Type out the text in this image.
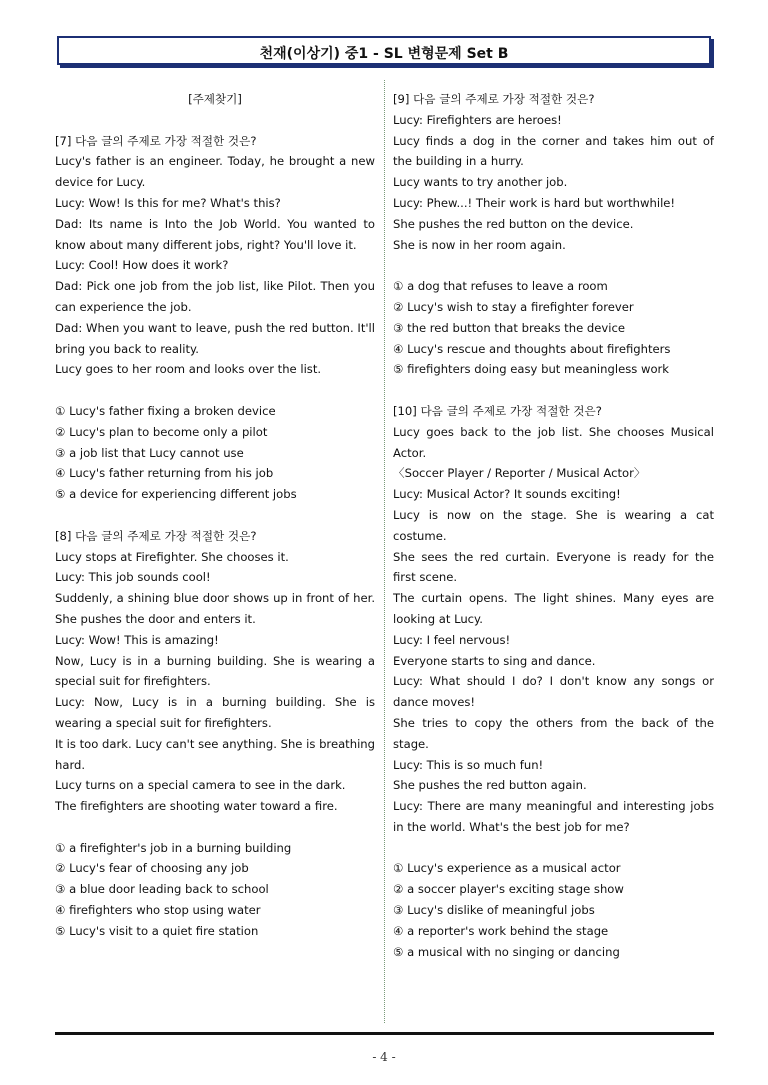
천재(이상기) 중1 - SL 변형문제 Set B
[주제찾기]
[7] 다음 글의 주제로 가장 적절한 것은?
Lucy's father is an engineer. Today, he brought a new
device for Lucy.
Lucy: Wow! Is this for me? What's this?
Dad: Its name is Into the Job World. You wanted to
know about many different jobs, right? You'll love it.
Lucy: Cool! How does it work?
Dad: Pick one job from the job list, like Pilot. Then you
can experience the job.
Dad: When you want to leave, push the red button. It'll
bring you back to reality.
Lucy goes to her room and looks over the list.
① Lucy's father fixing a broken device
② Lucy's plan to become only a pilot
③ a job list that Lucy cannot use
④ Lucy's father returning from his job
⑤ a device for experiencing different jobs
[8] 다음 글의 주제로 가장 적절한 것은?
Lucy stops at Firefighter. She chooses it.
Lucy: This job sounds cool!
Suddenly, a shining blue door shows up in front of her.
She pushes the door and enters it.
Lucy: Wow! This is amazing!
Now, Lucy is in a burning building. She is wearing a
special suit for firefighters.
Lucy: Now, Lucy is in a burning building. She is
wearing a special suit for firefighters.
It is too dark. Lucy can't see anything. She is breathing
hard.
Lucy turns on a special camera to see in the dark.
The firefighters are shooting water toward a fire.
① a firefighter's job in a burning building
② Lucy's fear of choosing any job
③ a blue door leading back to school
④ firefighters who stop using water
⑤ Lucy's visit to a quiet fire station
[9] 다음 글의 주제로 가장 적절한 것은?
Lucy: Firefighters are heroes!
Lucy finds a dog in the corner and takes him out of
the building in a hurry.
Lucy wants to try another job.
Lucy: Phew...! Their work is hard but worthwhile!
She pushes the red button on the device.
She is now in her room again.
① a dog that refuses to leave a room
② Lucy's wish to stay a firefighter forever
③ the red button that breaks the device
④ Lucy's rescue and thoughts about firefighters
⑤ firefighters doing easy but meaningless work
[10] 다음 글의 주제로 가장 적절한 것은?
Lucy goes back to the job list. She chooses Musical
Actor.
〈Soccer Player / Reporter / Musical Actor〉
Lucy: Musical Actor? It sounds exciting!
Lucy is now on the stage. She is wearing a cat
costume.
She sees the red curtain. Everyone is ready for the
first scene.
The curtain opens. The light shines. Many eyes are
looking at Lucy.
Lucy: I feel nervous!
Everyone starts to sing and dance.
Lucy: What should I do? I don't know any songs or
dance moves!
She tries to copy the others from the back of the
stage.
Lucy: This is so much fun!
She pushes the red button again.
Lucy: There are many meaningful and interesting jobs
in the world. What's the best job for me?
① Lucy's experience as a musical actor
② a soccer player's exciting stage show
③ Lucy's dislike of meaningful jobs
④ a reporter's work behind the stage
⑤ a musical with no singing or dancing
- 4 -
